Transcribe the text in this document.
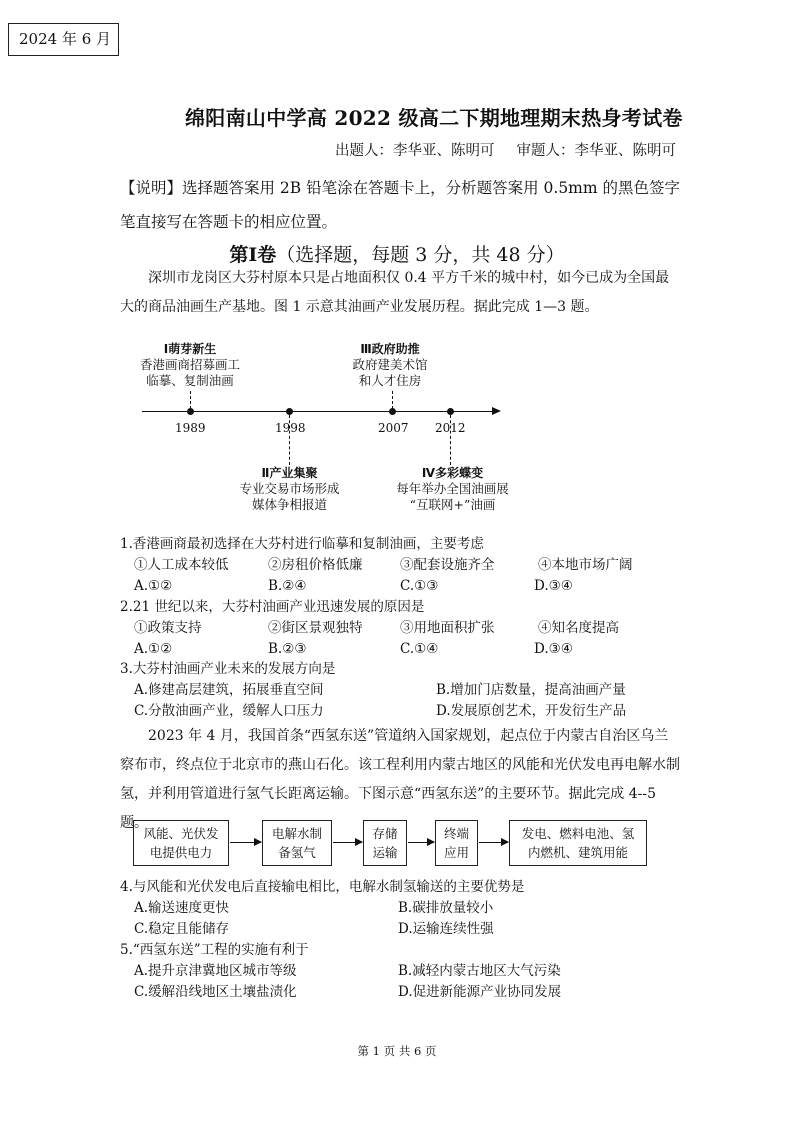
2024 年 6 月
绵阳南山中学高 2022 级高二下期地理期末热身考试卷
出题人：李华亚、陈明可 审题人：李华亚、陈明可
【说明】选择题答案用 2B 铅笔涂在答题卡上，分析题答案用 0.5mm 的黑色签字笔直接写在答题卡的相应位置。
第Ⅰ卷（选择题，每题 3 分，共 48 分）
深圳市龙岗区大芬村原本只是占地面积仅 0.4 平方千米的城中村，如今已成为全国最大的商品油画生产基地。图 1 示意其油画产业发展历程。据此完成 1—3 题。
Ⅰ萌芽新生
香港画商招募画工
临摹、复制油画
Ⅲ政府助推
政府建美术馆
和人才住房
1989	1998	2007 2012
Ⅱ产业集聚
专业交易市场形成
媒体争相报道
Ⅳ多彩蝶变
每年举办全国油画展
“互联网+”油画
1.香港画商最初选择在大芬村进行临摹和复制油画，主要考虑
①人工成本较低	②房租价格低廉	③配套设施齐全	④本地市场广阔
A.①②	B.②④	C.①③	D.③④
2.21 世纪以来，大芬村油画产业迅速发展的原因是
①政策支持	②街区景观独特	③用地面积扩张	④知名度提高
A.①②	B.②③	C.①④	D.③④
3.大芬村油画产业未来的发展方向是
A.修建高层建筑，拓展垂直空间	B.增加门店数量，提高油画产量
C.分散油画产业，缓解人口压力	D.发展原创艺术，开发衍生产品
2023 年 4 月，我国首条“西氢东送”管道纳入国家规划，起点位于内蒙古自治区乌兰察布市，终点位于北京市的燕山石化。该工程利用内蒙古地区的风能和光伏发电再电解水制氢，并利用管道进行氢气长距离运输。下图示意“西氢东送”的主要环节。据此完成 4--5 题。
风能、光伏发
电提供电力
电解水制
备氢气
存储
运输
终端
应用
发电、燃料电池、氢
内燃机、建筑用能
4.与风能和光伏发电后直接输电相比，电解水制氢输送的主要优势是
A.输送速度更快	B.碳排放量较小
C.稳定且能储存	D.运输连续性强
5.“西氢东送”工程的实施有利于
A.提升京津冀地区城市等级	B.减轻内蒙古地区大气污染
C.缓解沿线地区土壤盐渍化	D.促进新能源产业协同发展
第 1 页 共 6 页
